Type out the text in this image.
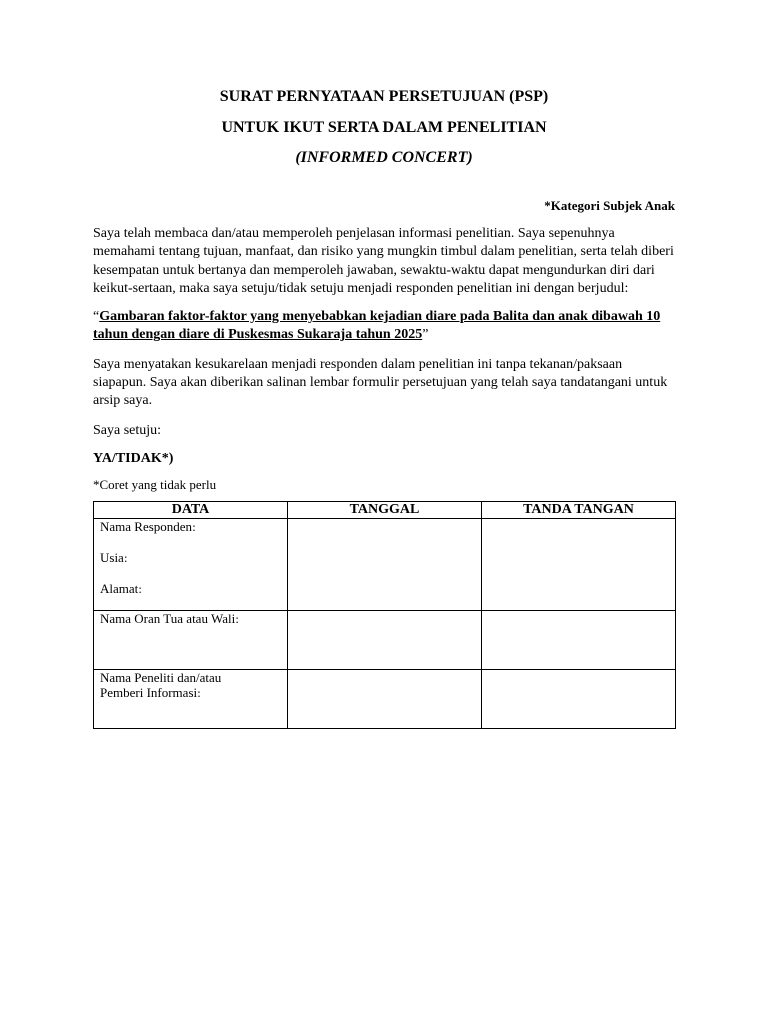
SURAT PERNYATAAN PERSETUJUAN (PSP)
UNTUK IKUT SERTA DALAM PENELITIAN
(INFORMED CONCERT)
*Kategori Subjek Anak

Saya telah membaca dan/atau memperoleh penjelasan informasi penelitian. Saya sepenuhnya memahami tentang tujuan, manfaat, dan risiko yang mungkin timbul dalam penelitian, serta telah diberi kesempatan untuk bertanya dan memperoleh jawaban, sewaktu-waktu dapat mengundurkan diri dari keikut-sertaan, maka saya setuju/tidak setuju menjadi responden penelitian ini dengan berjudul:

“Gambaran faktor-faktor yang menyebabkan kejadian diare pada Balita dan anak dibawah 10 tahun dengan diare di Puskesmas Sukaraja tahun 2025”

Saya menyatakan kesukarelaan menjadi responden dalam penelitian ini tanpa tekanan/paksaan siapapun. Saya akan diberikan salinan lembar formulir persetujuan yang telah saya tandatangani untuk arsip saya.

Saya setuju:

YA/TIDAK*)
*Coret yang tidak perlu
DATA	TANGGAL	TANDA TANGAN

Nama Responden:
Usia:
Alamat:		

Nama Oran Tua atau Wali:		

Nama Peneliti dan/atau
Pemberi Informasi:		
